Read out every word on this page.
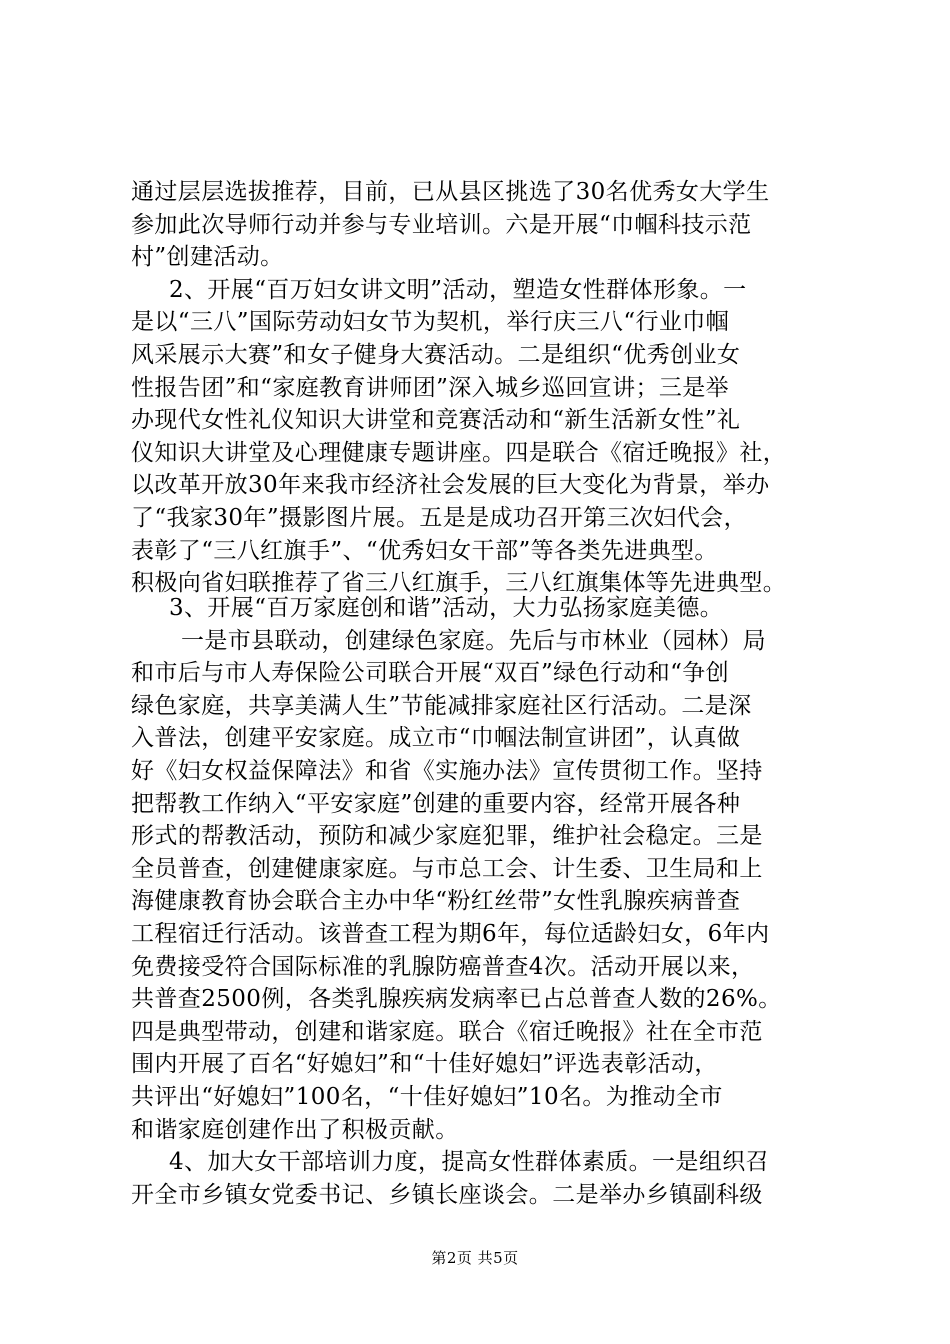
通过层层选拔推荐，目前，已从县区挑选了30名优秀女大学生
参加此次导师行动并参与专业培训。六是开展“巾帼科技示范
村”创建活动。
2、开展“百万妇女讲文明”活动，塑造女性群体形象。一
是以“三八”国际劳动妇女节为契机，举行庆三八“行业巾帼
风采展示大赛”和女子健身大赛活动。二是组织“优秀创业女
性报告团”和“家庭教育讲师团”深入城乡巡回宣讲；三是举
办现代女性礼仪知识大讲堂和竞赛活动和“新生活新女性”礼
仪知识大讲堂及心理健康专题讲座。四是联合《宿迁晚报》社，
以改革开放30年来我市经济社会发展的巨大变化为背景，举办
了“我家30年”摄影图片展。五是是成功召开第三次妇代会，
表彰了“三八红旗手”、“优秀妇女干部”等各类先进典型。
积极向省妇联推荐了省三八红旗手，三八红旗集体等先进典型。
3、开展“百万家庭创和谐”活动，大力弘扬家庭美德。
一是市县联动，创建绿色家庭。先后与市林业（园林）局
和市后与市人寿保险公司联合开展“双百”绿色行动和“争创
绿色家庭，共享美满人生”节能减排家庭社区行活动。二是深
入普法，创建平安家庭。成立市“巾帼法制宣讲团”，认真做
好《妇女权益保障法》和省《实施办法》宣传贯彻工作。坚持
把帮教工作纳入“平安家庭”创建的重要内容，经常开展各种
形式的帮教活动，预防和减少家庭犯罪，维护社会稳定。三是
全员普查，创建健康家庭。与市总工会、计生委、卫生局和上
海健康教育协会联合主办中华“粉红丝带”女性乳腺疾病普查
工程宿迁行活动。该普查工程为期6年，每位适龄妇女，6年内
免费接受符合国际标准的乳腺防癌普查4次。活动开展以来，
共普查2500例，各类乳腺疾病发病率已占总普查人数的26%。
四是典型带动，创建和谐家庭。联合《宿迁晚报》社在全市范
围内开展了百名“好媳妇”和“十佳好媳妇”评选表彰活动，
共评出“好媳妇”100名，“十佳好媳妇”10名。为推动全市
和谐家庭创建作出了积极贡献。
4、加大女干部培训力度，提高女性群体素质。一是组织召
开全市乡镇女党委书记、乡镇长座谈会。二是举办乡镇副科级
第2页 共5页
